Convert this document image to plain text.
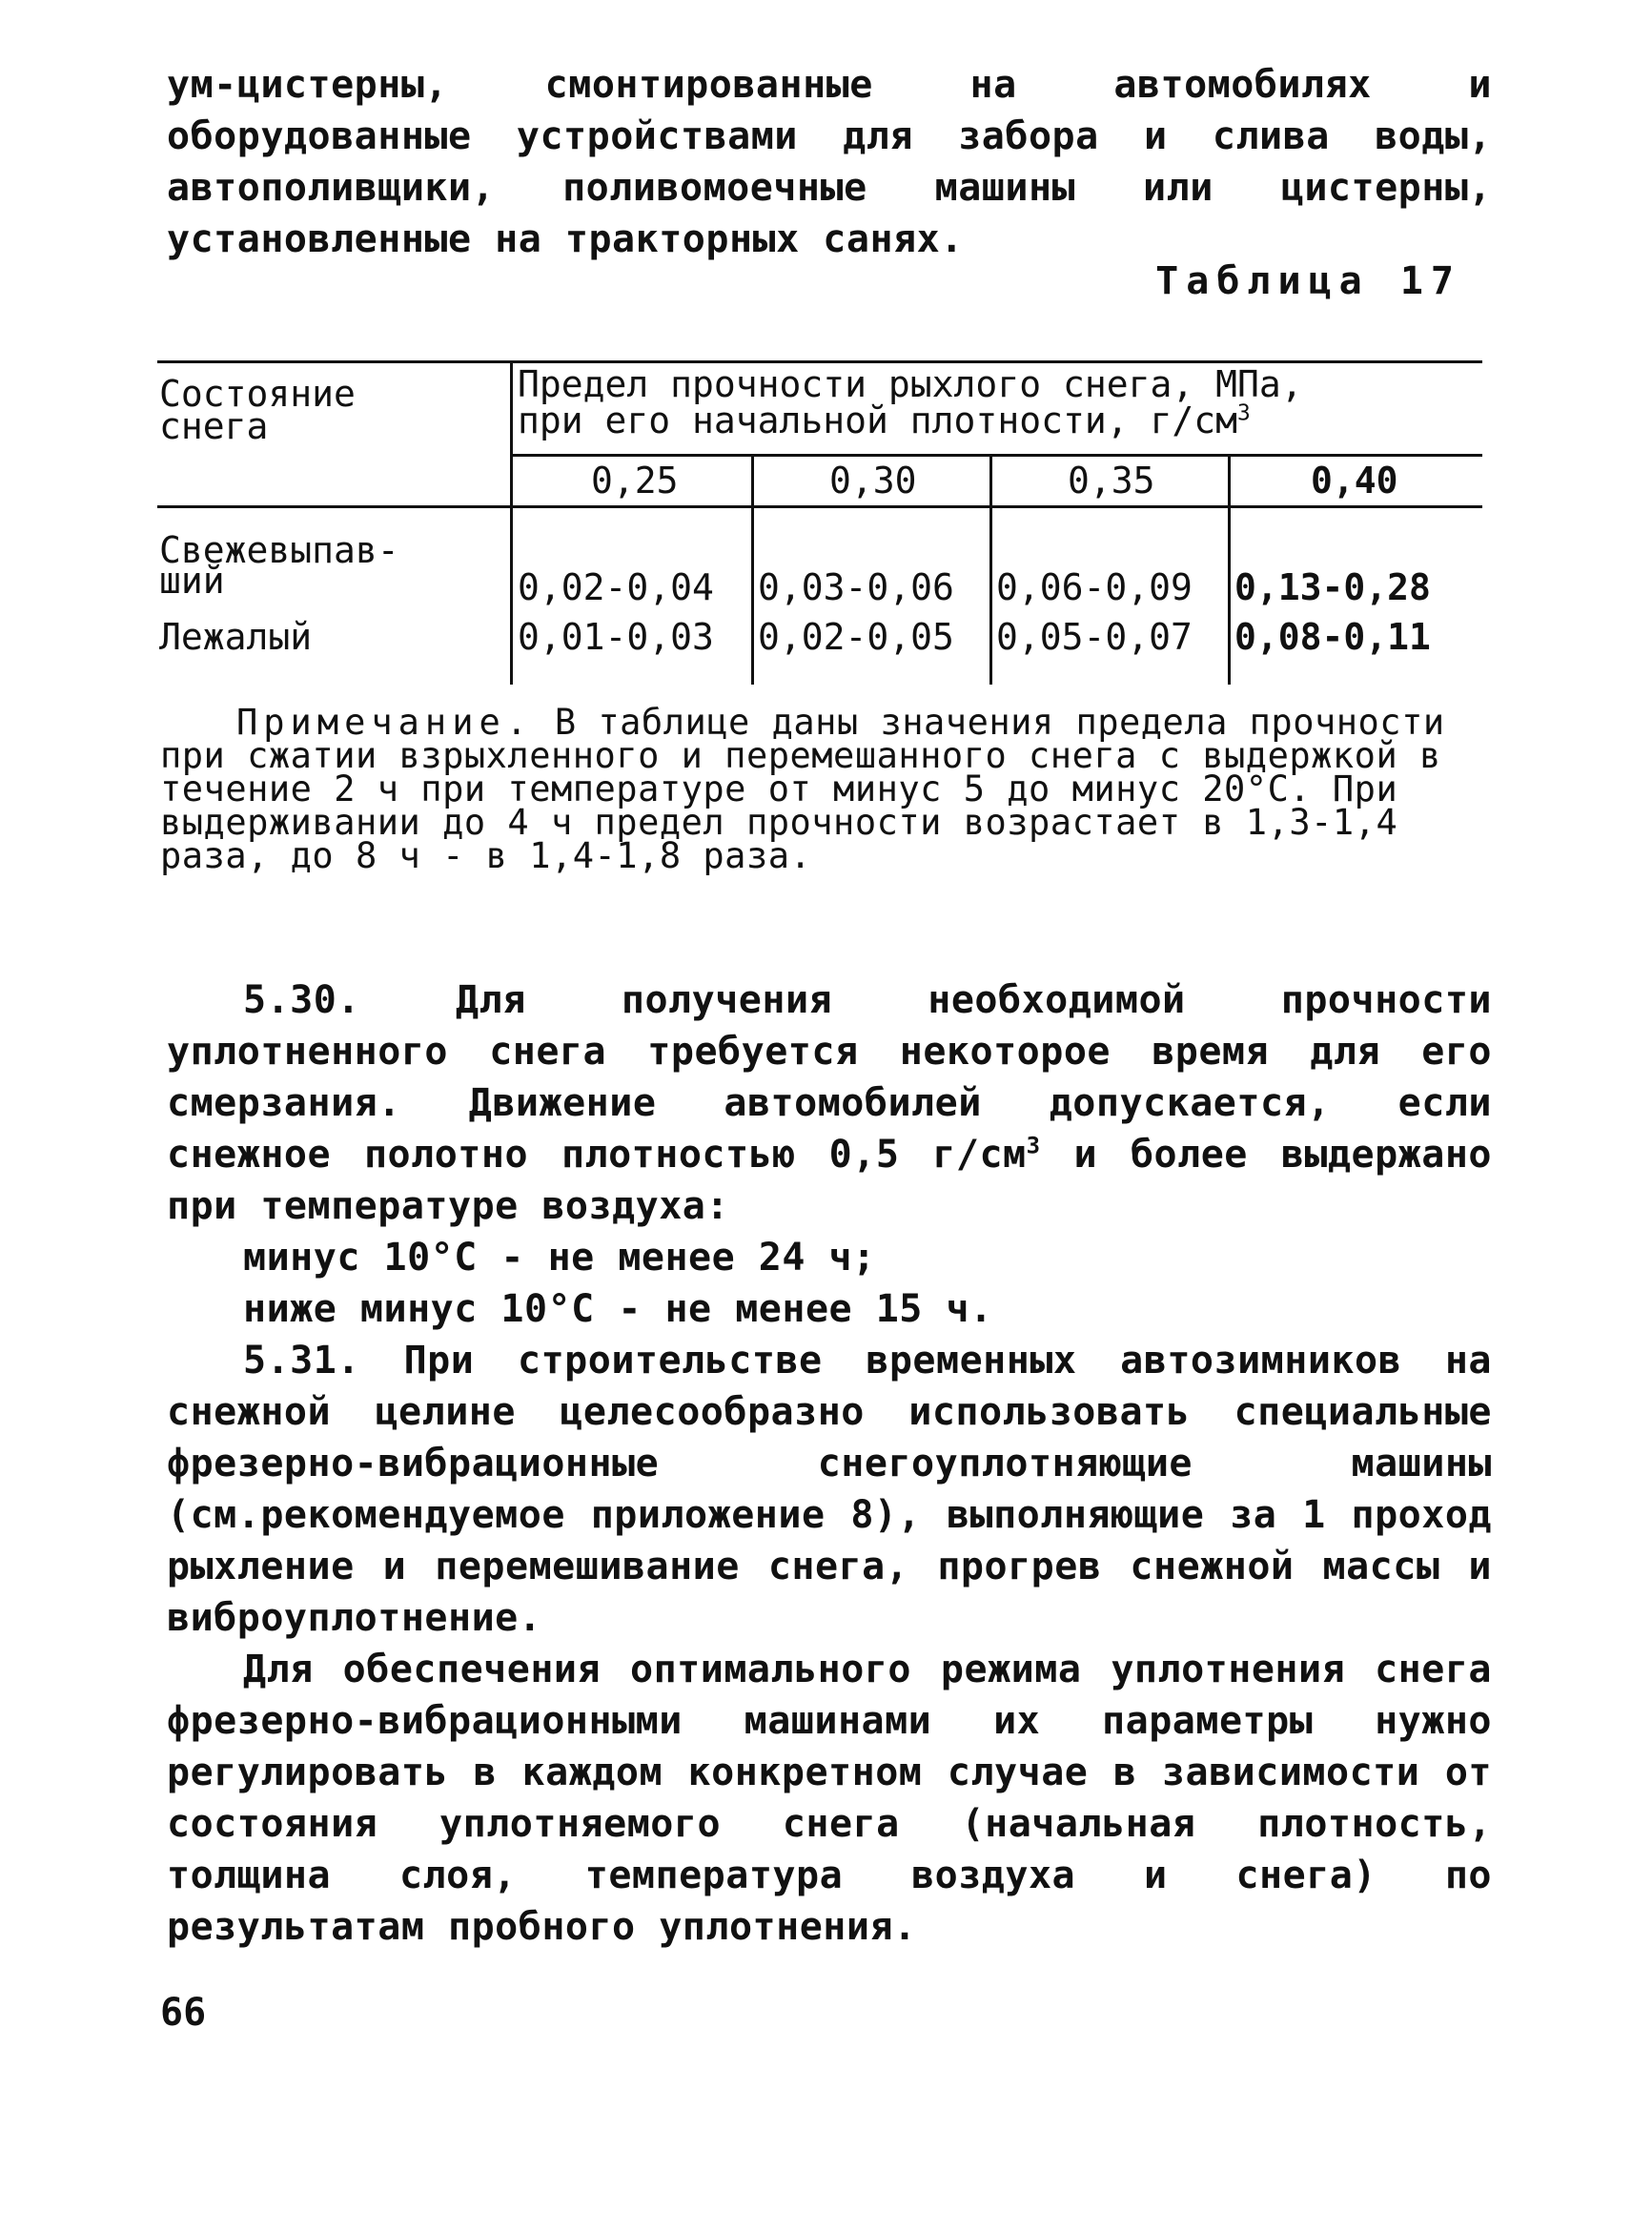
ум-цистерны, смонтированные на автомобилях и оборудованные устройствами для забора и слива воды, автополивщики, поливомоечные машины или цистерны, установленные на тракторных санях.

Таблица 17
Состояние снега
Предел прочности рыхлого снега, МПа,
при его начальной плотности, $г/см^3$
0,25	0,30	0,35	0,40
Свежевыпав-
ший	0,02-0,04 0,03-0,06 0,06-0,09 0,13-0,28
Лежалый	0,01-0,03 0,02-0,05 0,05-0,07 0,08-0,11

Примечание. В таблице даны значения предела прочности при сжатии взрыхленного и перемешанного снега с выдержкой в течение 2 ч при температуре от минус 5 до минус 20°С. При выдерживании до 4 ч предел прочности возрастает в 1,3-1,4 раза, до 8 ч - в 1,4-1,8 раза.

5.30. Для получения необходимой прочности уплотненного снега требуется некоторое время для его смерзания. Движение автомобилей допускается, если снежное полотно плотностью 0,5 $г/см^3$ и более выдержано при температуре воздуха:

минус 10°С - не менее 24 ч;

ниже минус 10°С - не менее 15 ч.

5.31. При строительстве временных автозимников на снежной целине целесообразно использовать специальные фрезерно-вибрационные снегоуплотняющие машины (см.рекомендуемое приложение 8), выполняющие за 1 проход рыхление и перемешивание снега, прогрев снежной массы и виброуплотнение.

Для обеспечения оптимального режима уплотнения снега фрезерно-вибрационными машинами их параметры нужно регулировать в каждом конкретном случае в зависимости от состояния уплотняемого снега (начальная плотность, толщина слоя, температура воздуха и снега) по результатам пробного уплотнения.

66
